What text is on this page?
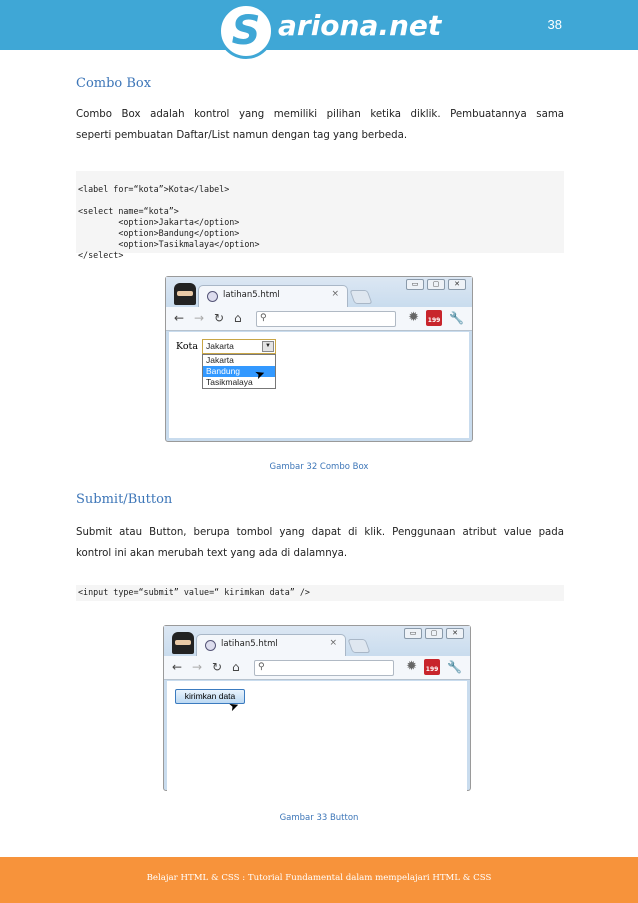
S ariona.net	38
Combo Box
Combo Box adalah kontrol yang memiliki pilihan ketika diklik. Pembuatannya sama
seperti pembuatan Daftar/List namun dengan tag yang berbeda.

<label for=“kota”>Kota</label>
<select name=“kota”>
<option>Jakarta</option>
<option>Bandung</option>
<option>Tasikmalaya</option>
</select>

latihan5.html	×
▭	▢	✕
← → ↻ ⌂ ⚲	✹ 199 🔧
Kota Jakarta	▼
Jakarta
Bandung
Tasikmalaya ➤
Gambar 32 Combo Box
Submit/Button
Submit atau Button, berupa tombol yang dapat di klik. Penggunaan atribut value pada
kontrol ini akan merubah text yang ada di dalamnya.
<input type=“submit” value=“ kirimkan data” />
latihan5.html	×
▭	▢	✕
← → ↻ ⌂ ⚲	✹ 199 🔧
kirimkan data
➤
Gambar 33 Button
Belajar HTML & CSS : Tutorial Fundamental dalam mempelajari HTML & CSS
